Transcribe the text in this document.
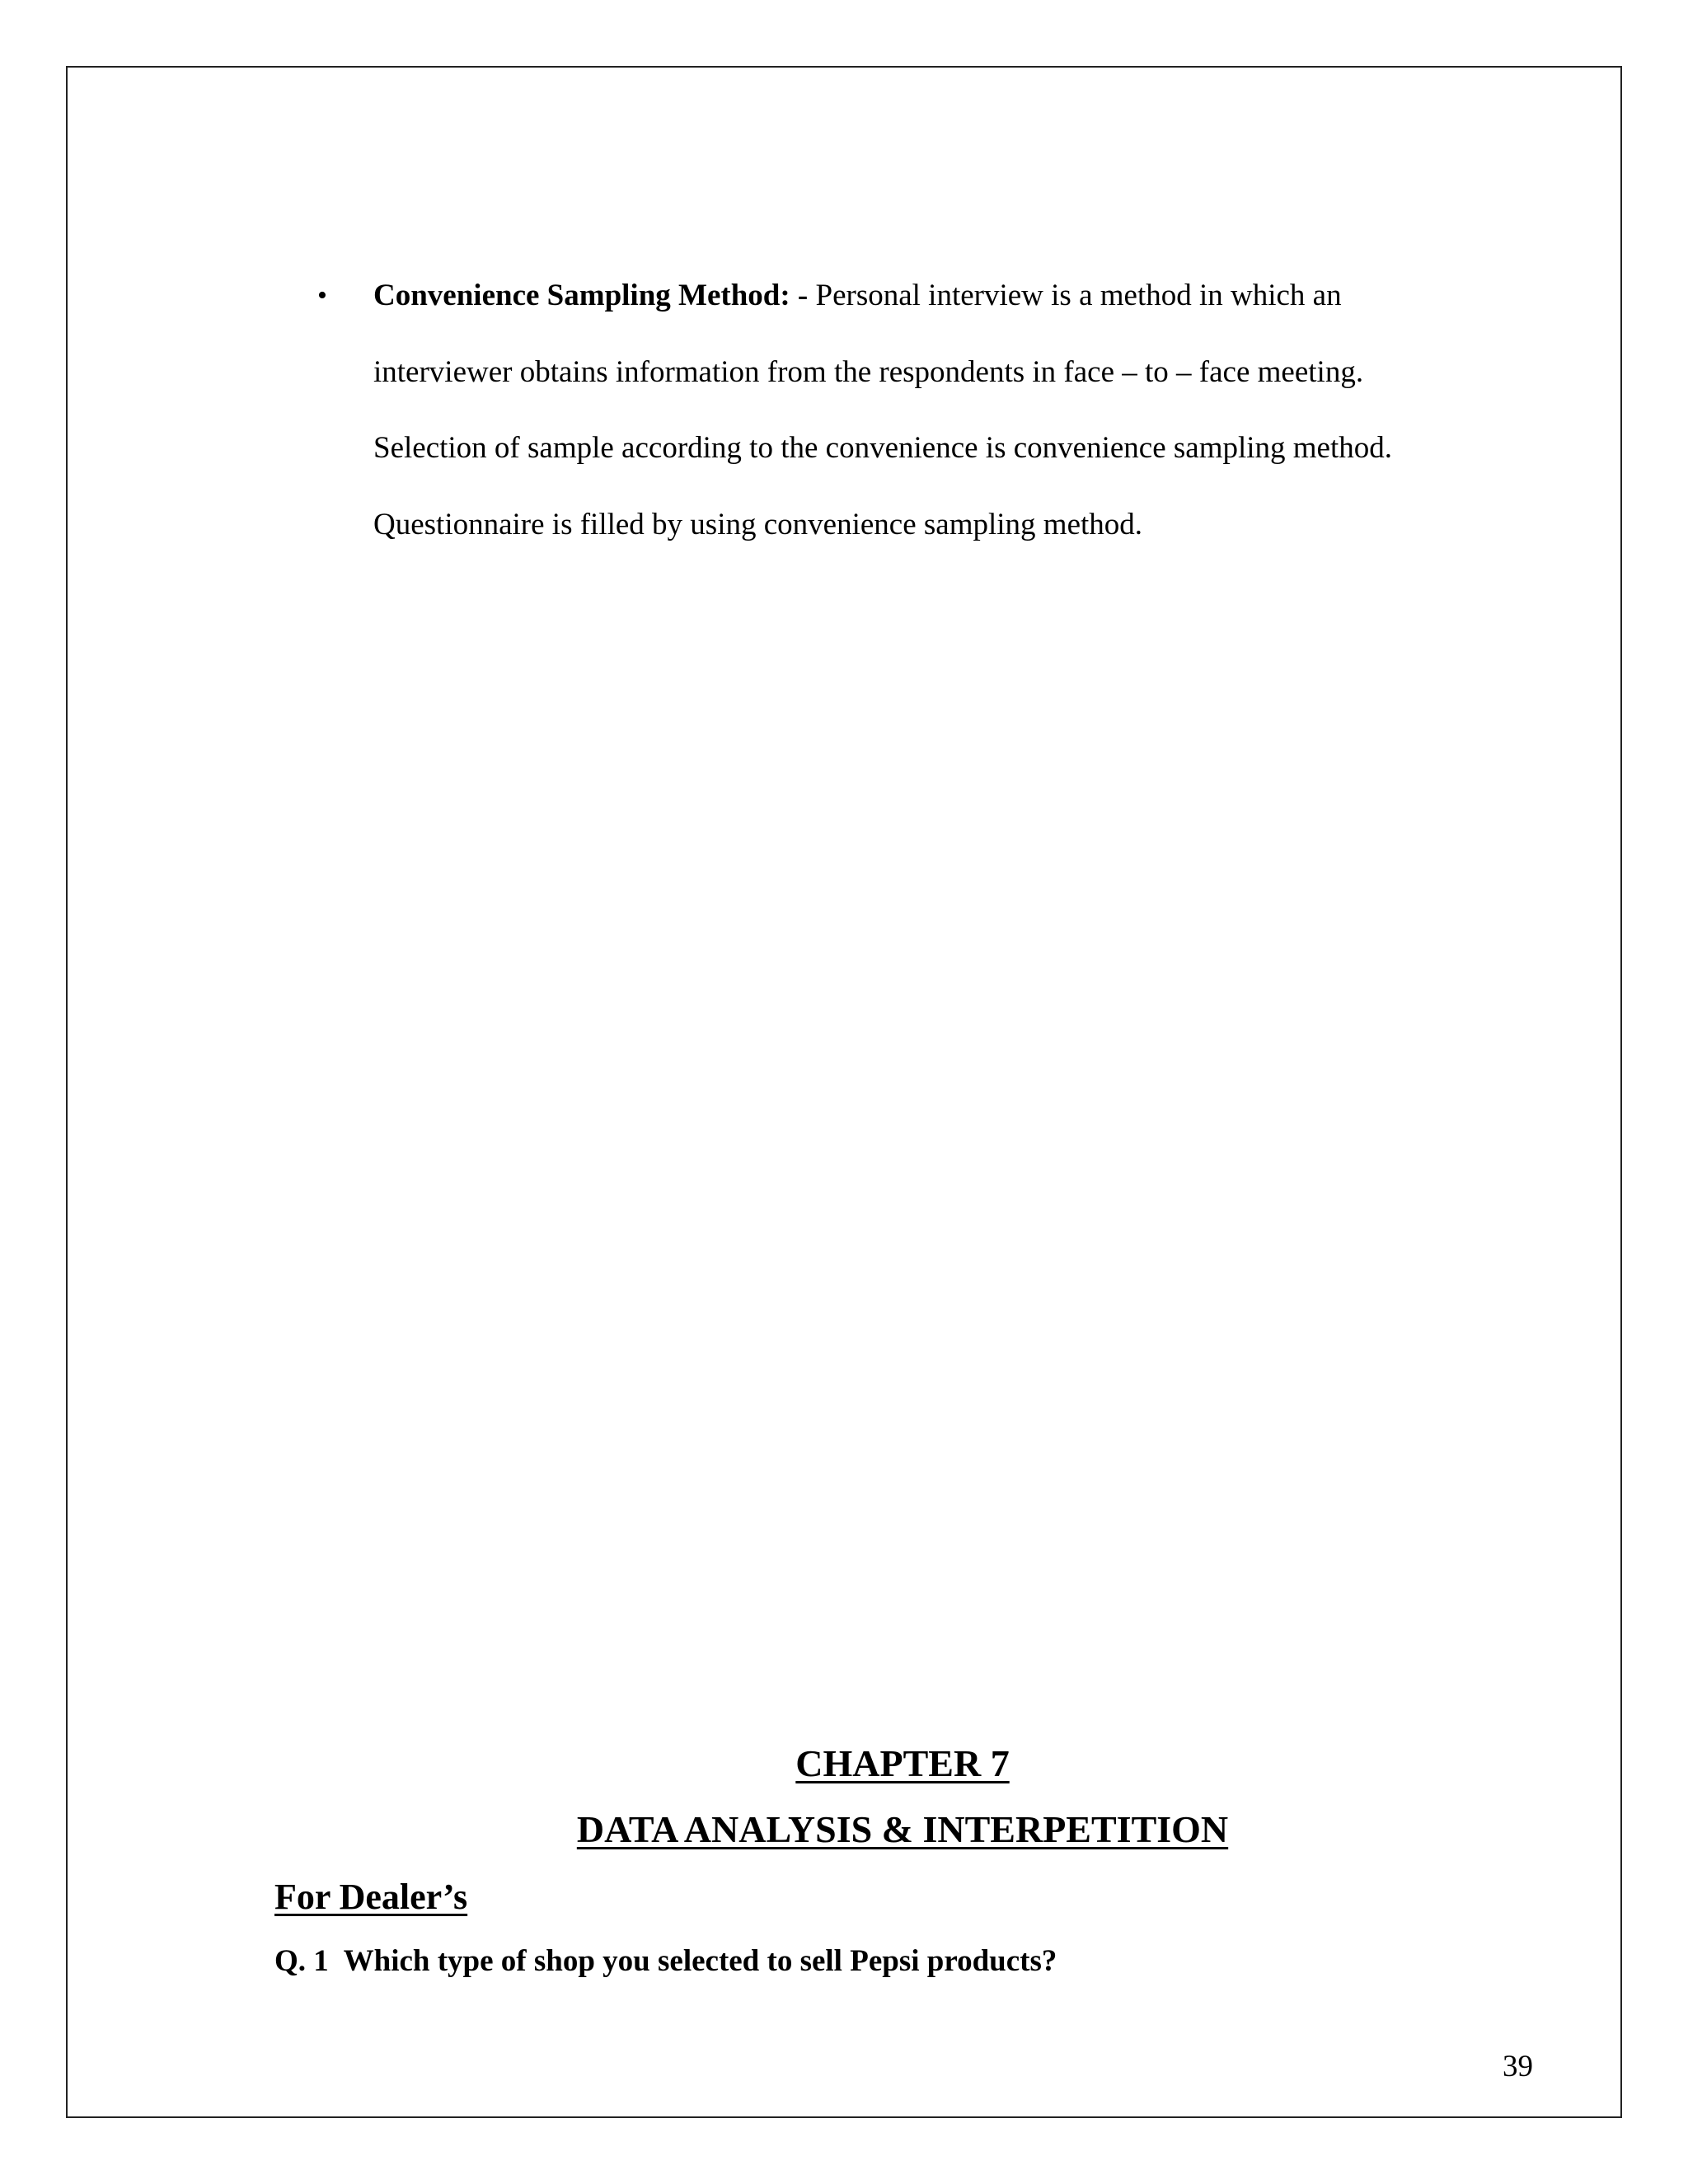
• Convenience Sampling Method: - Personal interview is a method in which an
interviewer obtains information from the respondents in face – to – face meeting.
Selection of sample according to the convenience is convenience sampling method.
Questionnaire is filled by using convenience sampling method.

CHAPTER 7
DATA ANALYSIS & INTERPETITION
For Dealer’s
Q. 1  Which type of shop you selected to sell Pepsi products?
39
